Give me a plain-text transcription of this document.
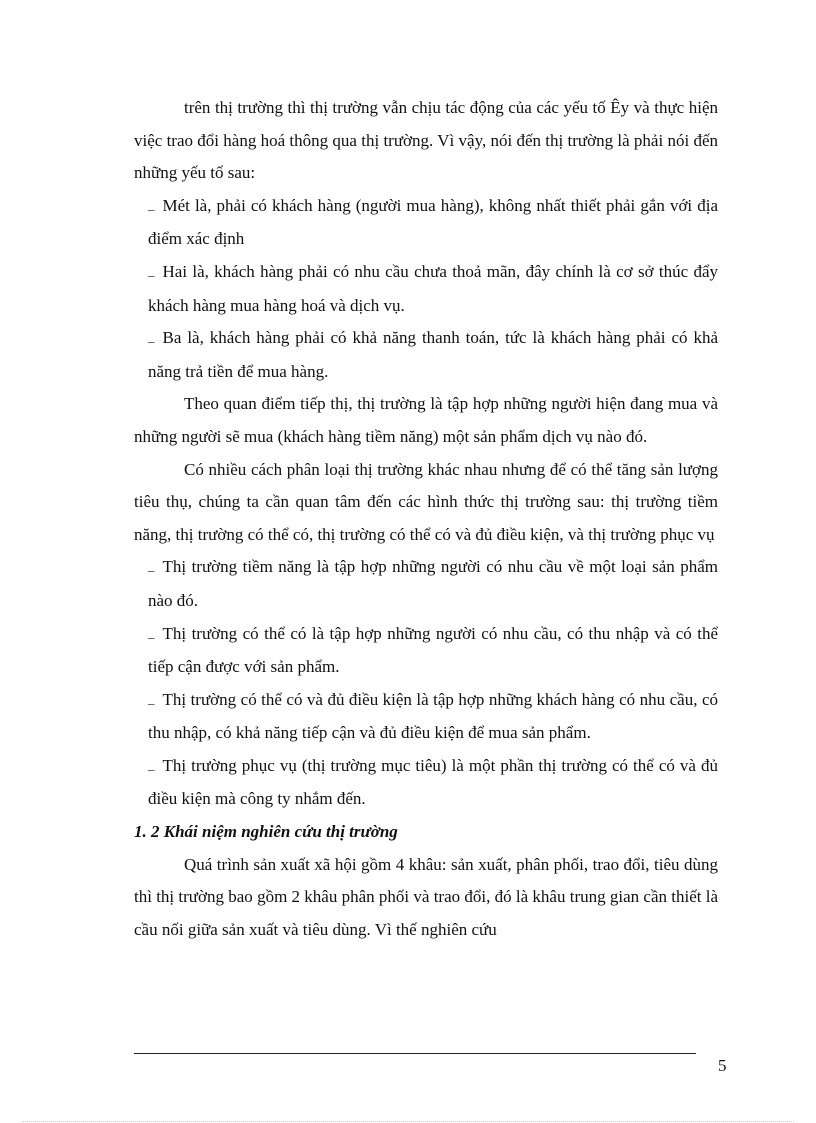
trên thị trường thì thị trường vẫn chịu tác động của các yếu tố Êy và thực hiện việc trao đổi hàng hoá thông qua thị trường. Vì vậy, nói đến thị trường là phải nói đến những yếu tố sau:

_ Mét là, phải có khách hàng (người mua hàng), không nhất thiết phải gắn với địa điểm xác định

_ Hai là, khách hàng phải có nhu cầu chưa thoả mãn, đây chính là cơ sở thúc đẩy khách hàng mua hàng hoá và dịch vụ.

_ Ba là, khách hàng phải có khả năng thanh toán, tức là khách hàng phải có khả năng trả tiền để mua hàng.

Theo quan điểm tiếp thị, thị trường là tập hợp những người hiện đang mua và những người sẽ mua (khách hàng tiềm năng) một sản phẩm dịch vụ nào đó.

Có nhiều cách phân loại thị trường khác nhau nhưng để có thể tăng sản lượng tiêu thụ, chúng ta cần quan tâm đến các hình thức thị trường sau: thị trường tiềm năng, thị trường có thể có, thị trường có thể có và đủ điều kiện, và thị trường phục vụ

_ Thị trường tiềm năng là tập hợp những người có nhu cầu về một loại sản phẩm nào đó.

_ Thị trường có thể có là tập hợp những người có nhu cầu, có thu nhập và có thể tiếp cận được với sản phẩm.

_ Thị trường có thể có và đủ điều kiện là tập hợp những khách hàng có nhu cầu, có thu nhập, có khả năng tiếp cận và đủ điều kiện để mua sản phẩm.

_ Thị trường phục vụ (thị trường mục tiêu) là một phần thị trường có thể có và đủ điều kiện mà công ty nhắm đến.

1. 2 Khái niệm nghiên cứu thị trường

Quá trình sản xuất xã hội gồm 4 khâu: sản xuất, phân phối, trao đổi, tiêu dùng thì thị trường bao gồm 2 khâu phân phối và trao đổi, đó là khâu trung gian cần thiết là cầu nối giữa sản xuất và tiêu dùng. Vì thế nghiên cứu

5
